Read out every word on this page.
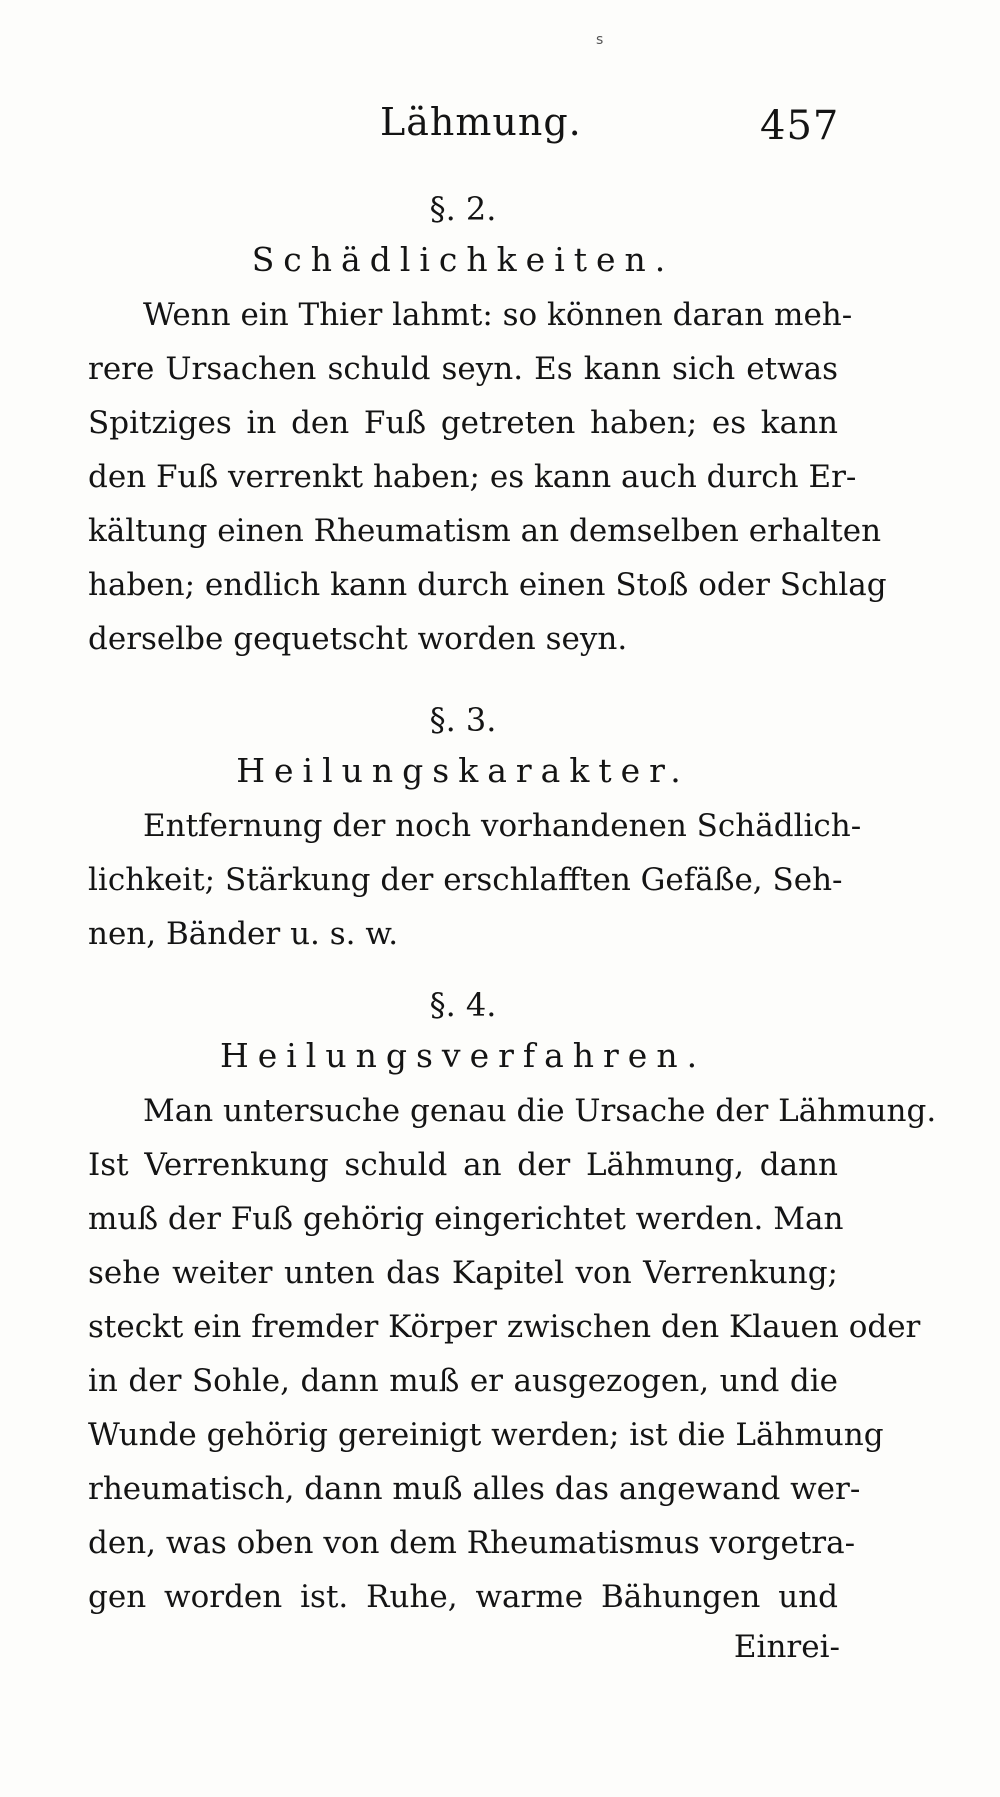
s
Lähmung.	457
§. 2.
Schädlichkeiten.
Wenn ein Thier lahmt: so können daran meh-
rere Ursachen schuld seyn. Es kann sich etwas
Spitziges in den Fuß getreten haben; es kann
den Fuß verrenkt haben; es kann auch durch Er-
kältung einen Rheumatism an demselben erhalten
haben; endlich kann durch einen Stoß oder Schlag
derselbe gequetscht worden seyn.
§. 3.
Heilungskarakter.
Entfernung der noch vorhandenen Schädlich-
lichkeit; Stärkung der erschlafften Gefäße, Seh-
nen, Bänder u. s. w.
§. 4.
Heilungsverfahren.
Man untersuche genau die Ursache der Lähmung.
Ist Verrenkung schuld an der Lähmung, dann
muß der Fuß gehörig eingerichtet werden. Man
sehe weiter unten das Kapitel von Verrenkung;
steckt ein fremder Körper zwischen den Klauen oder
in der Sohle, dann muß er ausgezogen, und die
Wunde gehörig gereinigt werden; ist die Lähmung
rheumatisch, dann muß alles das angewand wer-
den, was oben von dem Rheumatismus vorgetra-
gen worden ist. Ruhe, warme Bähungen und
Einrei-
